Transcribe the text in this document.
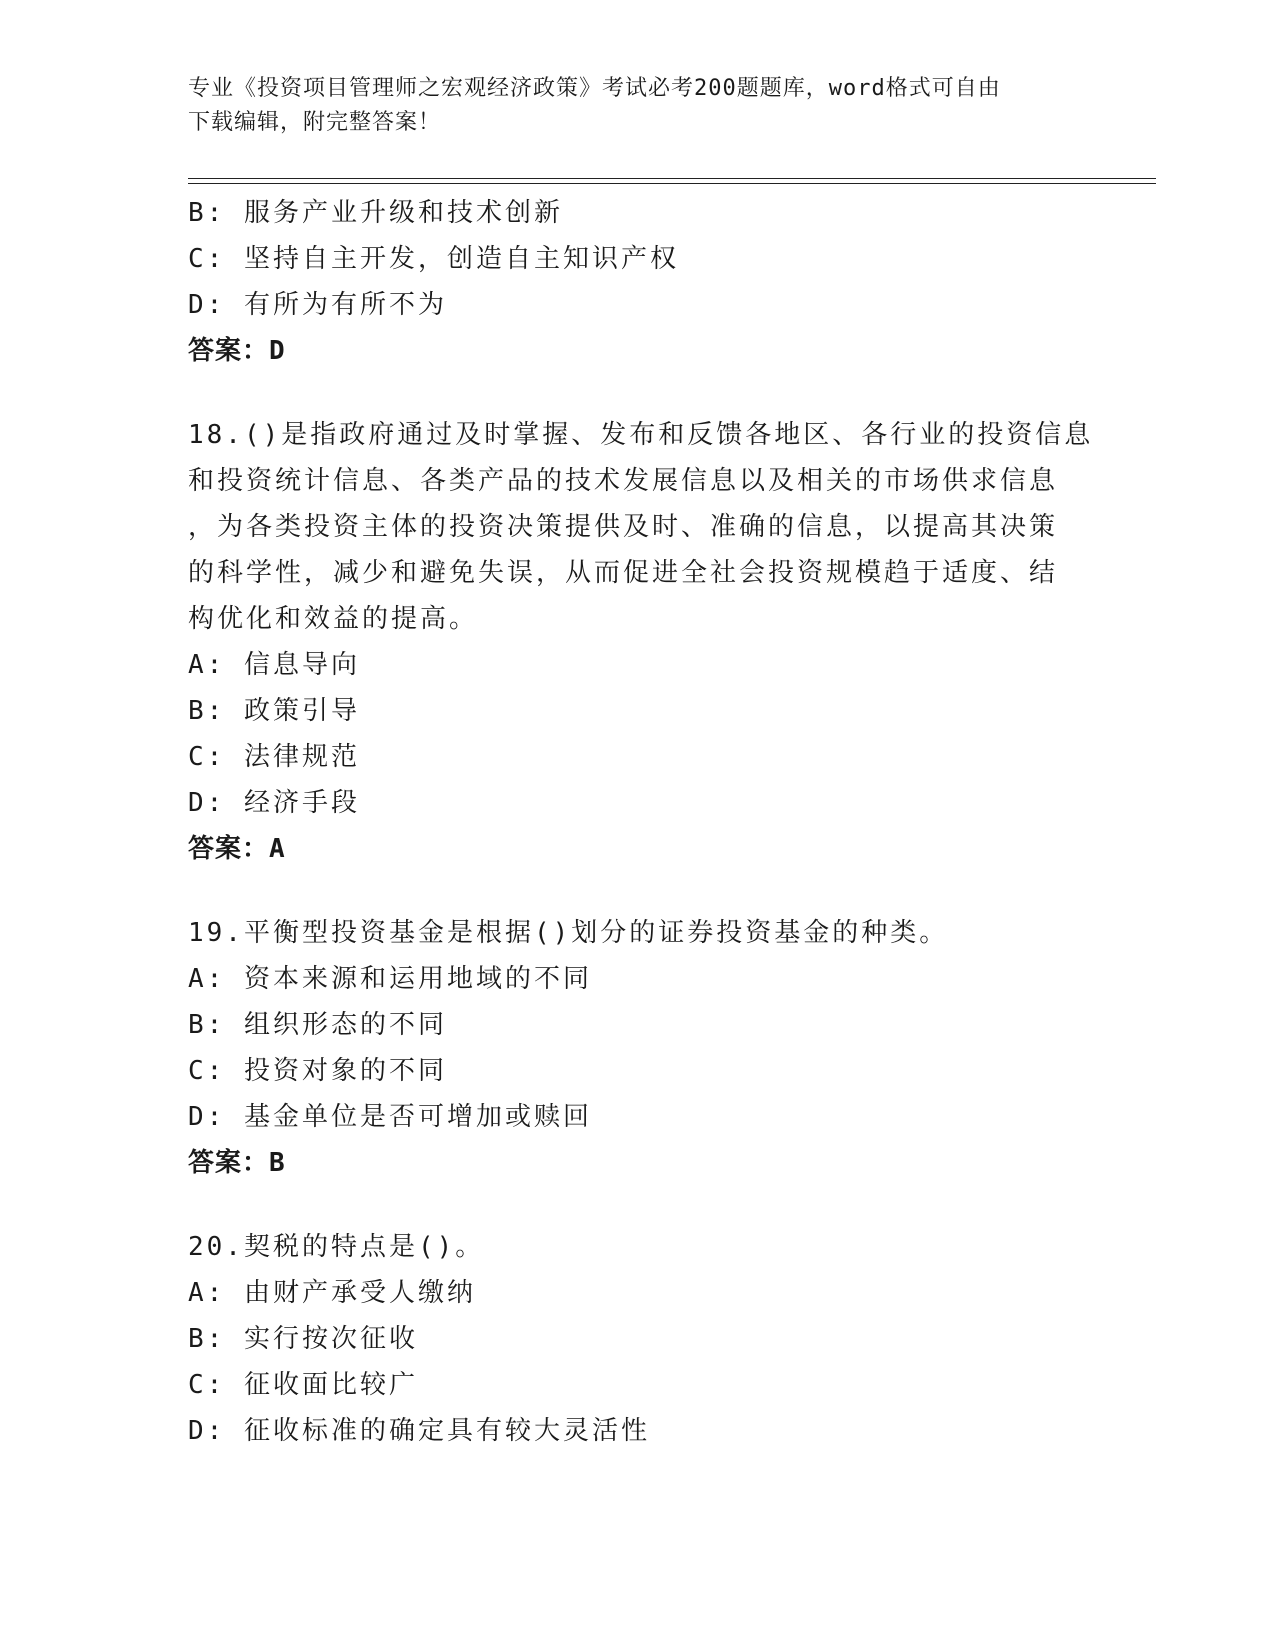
专业《投资项目管理师之宏观经济政策》考试必考200题题库，word格式可自由
下载编辑，附完整答案！
B: 服务产业升级和技术创新
C: 坚持自主开发，创造自主知识产权
D: 有所为有所不为
答案：D
18.()是指政府通过及时掌握、发布和反馈各地区、各行业的投资信息
和投资统计信息、各类产品的技术发展信息以及相关的市场供求信息
，为各类投资主体的投资决策提供及时、准确的信息，以提高其决策
的科学性，减少和避免失误，从而促进全社会投资规模趋于适度、结
构优化和效益的提高。
A: 信息导向
B: 政策引导
C: 法律规范
D: 经济手段
答案：A
19.平衡型投资基金是根据()划分的证券投资基金的种类。
A: 资本来源和运用地域的不同
B: 组织形态的不同
C: 投资对象的不同
D: 基金单位是否可增加或赎回
答案：B
20.契税的特点是()。
A: 由财产承受人缴纳
B: 实行按次征收
C: 征收面比较广
D: 征收标准的确定具有较大灵活性
